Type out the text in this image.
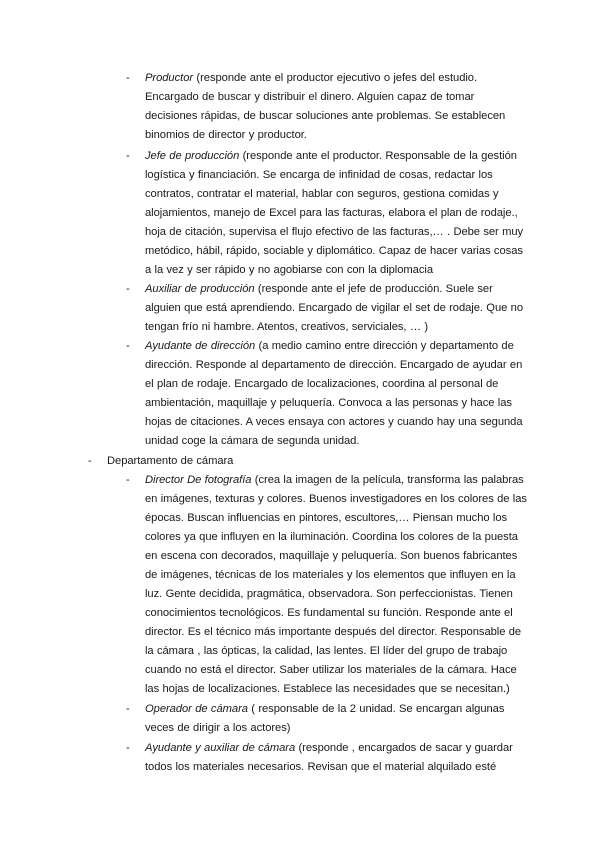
- Productor (responde ante el productor ejecutivo o jefes del estudio. Encargado de buscar y distribuir el dinero. Alguien capaz de tomar decisiones rápidas, de buscar soluciones ante problemas. Se establecen binomios de director y productor.

- Jefe de producción (responde ante el productor. Responsable de la gestión logística y financiación. Se encarga de infinidad de cosas, redactar los contratos, contratar el material, hablar con seguros, gestiona comidas y alojamientos, manejo de Excel para las facturas, elabora el plan de rodaje., hoja de citación, supervisa el flujo efectivo de las facturas,… . Debe ser muy metódico, hábil, rápido, sociable y diplomático. Capaz de hacer varias cosas a la vez y ser rápido y no agobiarse con con la diplomacia

- Auxiliar de producción (responde ante el jefe de producción. Suele ser alguien que está aprendiendo. Encargado de vigilar el set de rodaje. Que no tengan frío ni hambre. Atentos, creativos, serviciales, … )

- Ayudante de dirección (a medio camino entre dirección y departamento de dirección. Responde al departamento de dirección. Encargado de ayudar en el plan de rodaje. Encargado de localizaciones, coordina al personal de ambientación, maquillaje y peluquería. Convoca a las personas y hace las hojas de citaciones. A veces ensaya con actores y cuando hay una segunda unidad coge la cámara de segunda unidad.

- Departamento de cámara

- Director De fotografía (crea la imagen de la película, transforma las palabras en imágenes, texturas y colores. Buenos investigadores en los colores de las épocas. Buscan influencias en pintores, escultores,… Piensan mucho los colores ya que influyen en la iluminación. Coordina los colores de la puesta en escena con decorados, maquillaje y peluquería. Son buenos fabricantes de imágenes, técnicas de los materiales y los elementos que influyen en la luz. Gente decidida, pragmática, observadora. Son perfeccionistas. Tienen conocimientos tecnológicos. Es fundamental su función. Responde ante el director. Es el técnico más importante después del director. Responsable de la cámara , las ópticas, la calidad, las lentes. El líder del grupo de trabajo cuando no está el director. Saber utilizar los materiales de la cámara. Hace las hojas de localizaciones. Establece las necesidades que se necesitan.)

- Operador de cámara ( responsable de la 2 unidad. Se encargan algunas veces de dirigir a los actores)

- Ayudante y auxiliar de cámara (responde , encargados de sacar y guardar todos los materiales necesarios. Revisan que el material alquilado esté
